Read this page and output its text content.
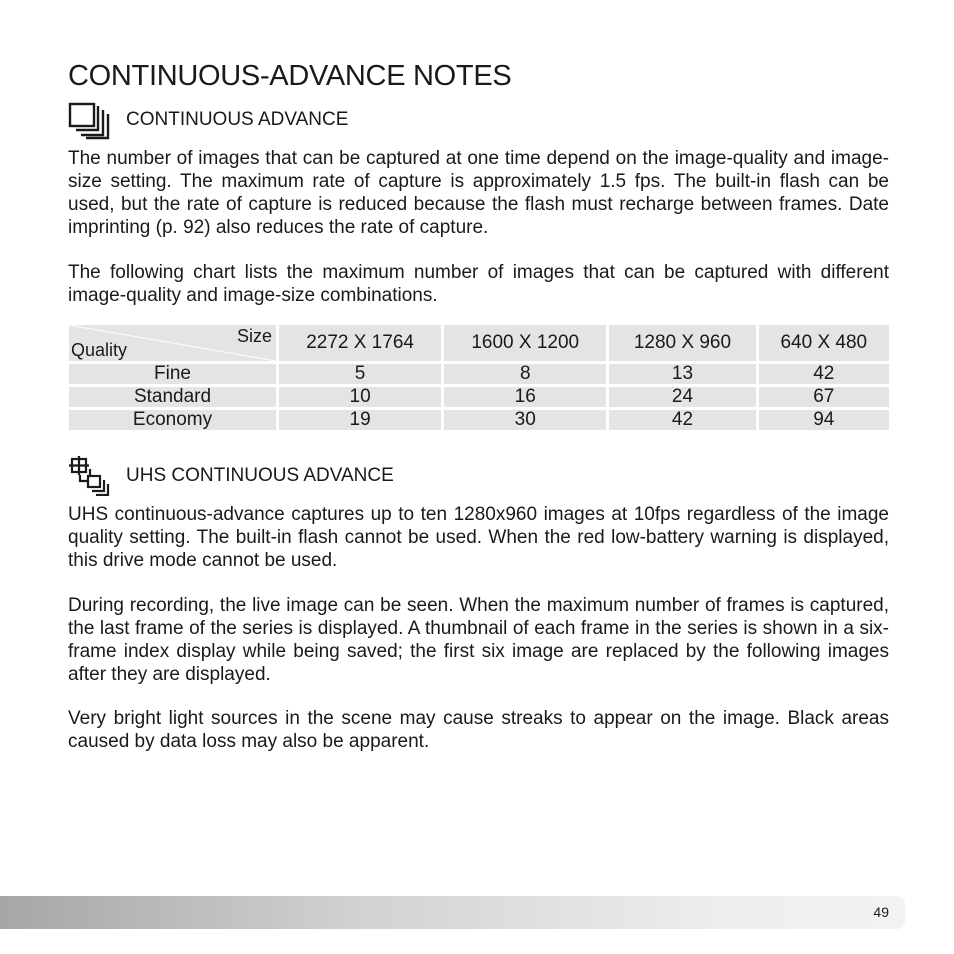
CONTINUOUS-ADVANCE NOTES
CONTINUOUS ADVANCE

The number of images that can be captured at one time depend on the image-quality and image-size setting. The maximum rate of capture is approximately 1.5 fps. The built-in flash can be used, but the rate of capture is reduced because the flash must recharge between frames. Date imprinting (p. 92) also reduces the rate of capture.

The following chart lists the maximum number of images that can be captured with different image-quality and image-size combinations.

Size
Quality	2272 X 1764	1600 X 1200	1280 X 960	640 X 480
Fine	5	8	13	42
Standard	10	16	24	67
Economy	19	30	42	94
UHS CONTINUOUS ADVANCE

UHS continuous-advance captures up to ten 1280x960 images at 10fps regardless of the image quality setting. The built-in flash cannot be used. When the red low-battery warning is displayed, this drive mode cannot be used.

During recording, the live image can be seen. When the maximum number of frames is captured, the last frame of the series is displayed. A thumbnail of each frame in the series is shown in a six-frame index display while being saved; the first six image are replaced by the following images after they are displayed.

Very bright light sources in the scene may cause streaks to appear on the image. Black areas caused by data loss may also be apparent.

49
